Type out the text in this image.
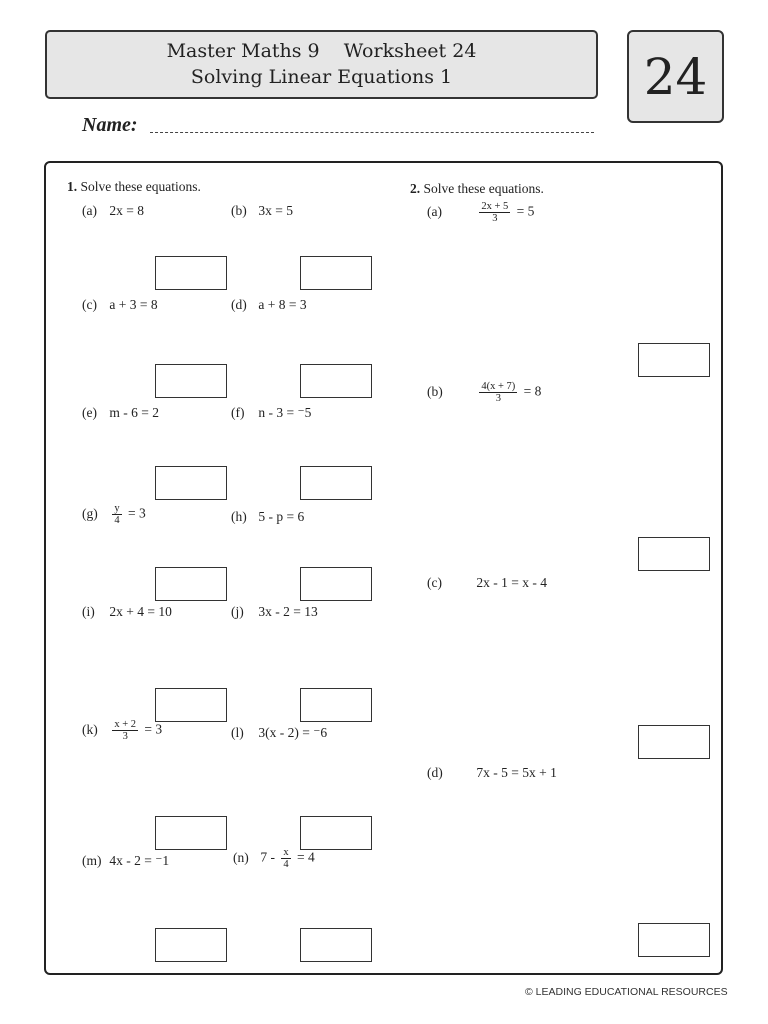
Master Maths 9    Worksheet 24
Solving Linear Equations 1	24
Name:
1. Solve these equations.	2. Solve these equations.
(a) 2x = 8	(b) 3x = 5
(c) a + 3 = 8	(d) a + 8 = 3
(e) m - 6 = 2	(f) n - 3 = ⁻5
$(g) \frac{y}{4} = 3$	(h) 5 - p = 6
(i) 2x + 4 = 10	(j) 3x - 2 = 13
$(k) \frac{x + 2}{3} = 3$	(l) 3(x - 2) = ⁻6
(m) 4x - 2 = ⁻1	(n) $7 - \frac{x}{4} = 4$
(a)	$\frac{2x + 5}{3} = 5$
(b)	$\frac{4(x + 7)}{3} = 8$
(c)	2x - 1 = x - 4
(d) 7x - 5 = 5x + 1
© LEADING EDUCATIONAL RESOURCES
